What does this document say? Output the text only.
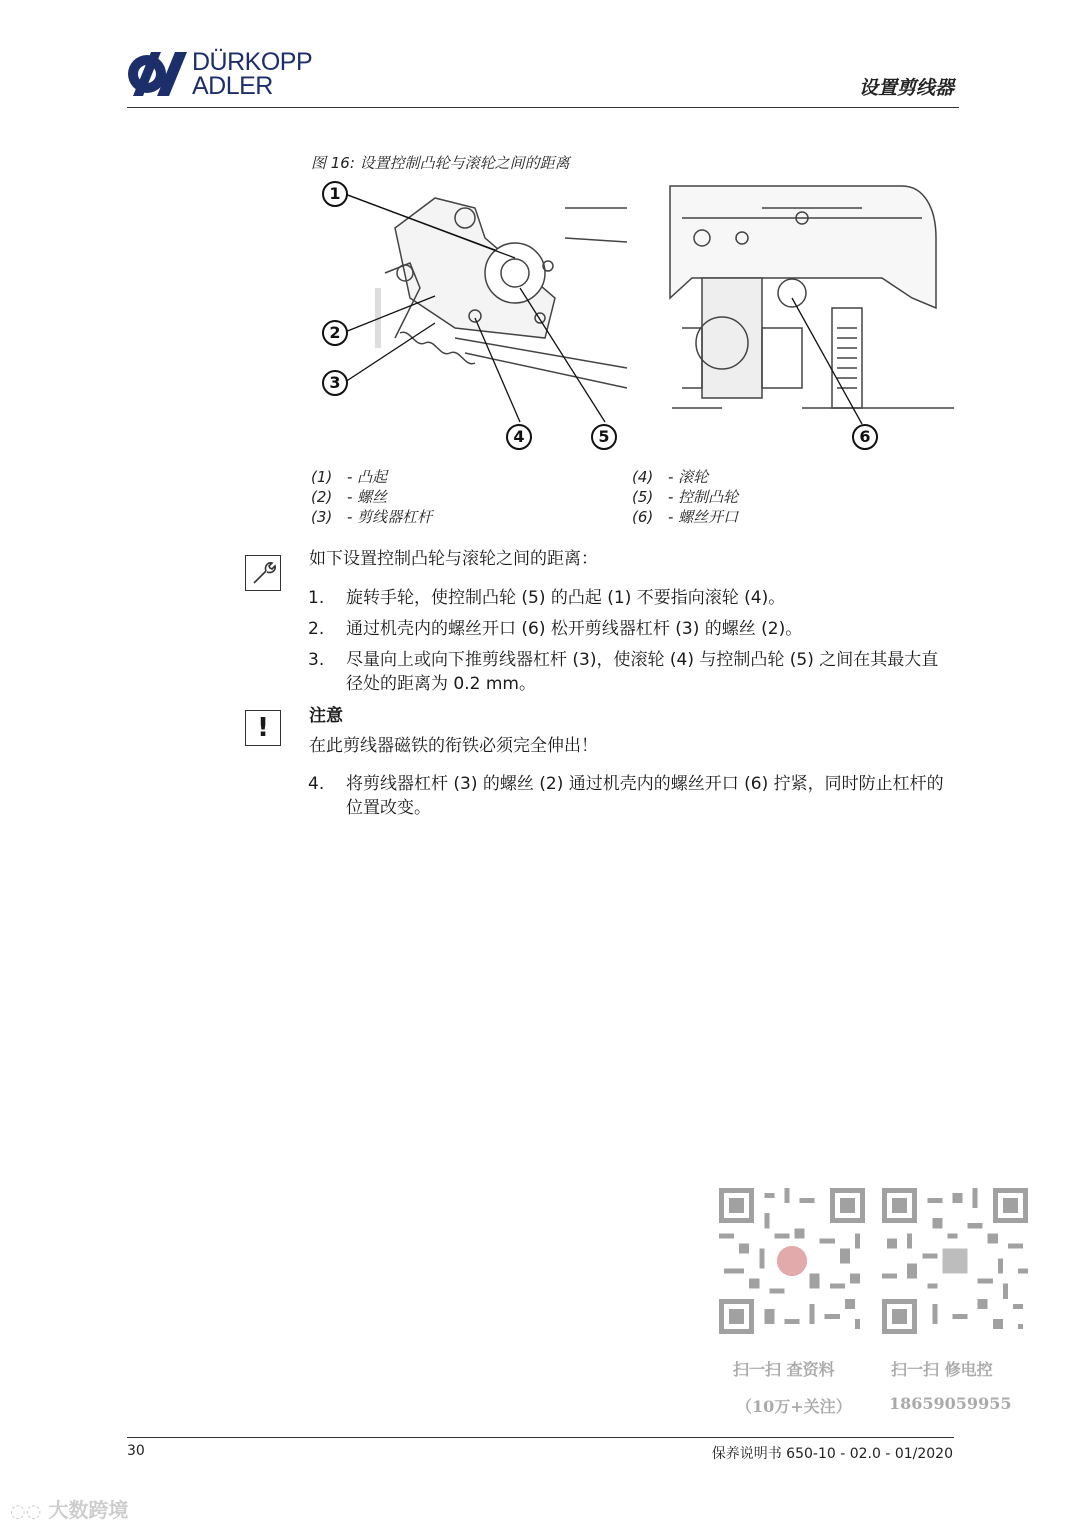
DÜRKOPP
ADLER	设置剪线器
图 16: 设置控制凸轮与滚轮之间的距离
1
2
3
4	5	6
(1) - 凸起
(2) - 螺丝
(3) - 剪线器杠杆
(4) - 滚轮
(5) - 控制凸轮
(6) - 螺丝开口
如下设置控制凸轮与滚轮之间的距离：
1.	旋转手轮，使控制凸轮 (5) 的凸起 (1) 不要指向滚轮 (4)。
2.	通过机壳内的螺丝开口 (6) 松开剪线器杠杆 (3) 的螺丝 (2)。
3.	尽量向上或向下推剪线器杠杆 (3)，使滚轮 (4) 与控制凸轮 (5) 之间在其最大直径处的距离为 0.2 mm。
!	注意
在此剪线器磁铁的衔铁必须完全伸出！
4.	将剪线器杠杆 (3) 的螺丝 (2) 通过机壳内的螺丝开口 (6) 拧紧，同时防止杠杆的位置改变。
扫一扫 查资料
（10万+关注）
扫一扫 修电控
18659059955
30	保养说明书 650-10 - 02.0 - 01/2020
◌◌ 大数跨境
